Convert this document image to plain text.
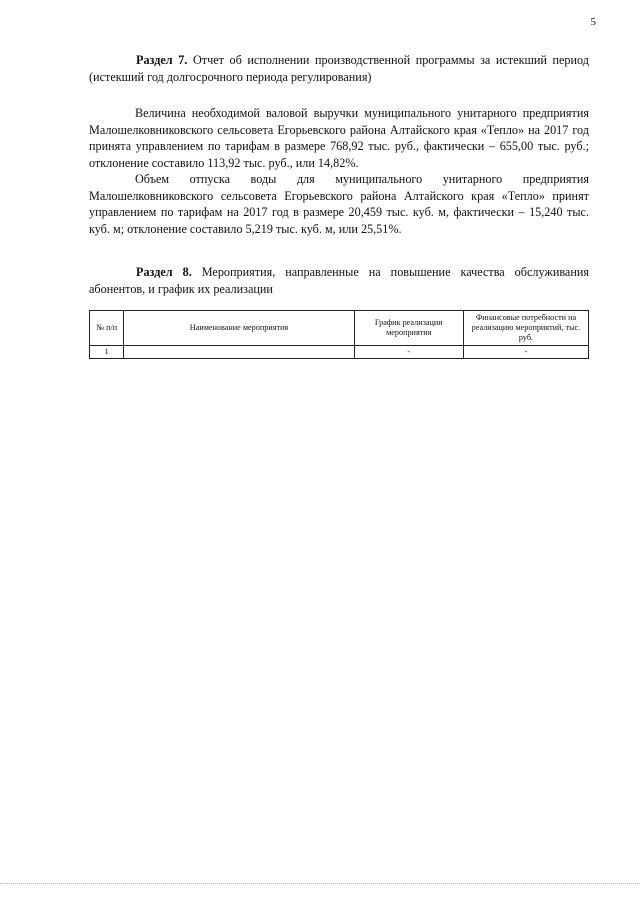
5

Раздел 7. Отчет об исполнении производственной программы за истекший период (истекший год долгосрочного периода регулирования)

Величина необходимой валовой выручки муниципального унитарного предприятия Малошелковниковского сельсовета Егорьевского района Алтайского края «Тепло» на 2017 год принята управлением по тарифам в размере 768,92 тыс. руб., фактически – 655,00 тыс. руб.; отклонение составило 113,92 тыс. руб., или 14,82%.

Объем отпуска воды для муниципального унитарного предприятия Малошелковниковского сельсовета Егорьевского района Алтайского края «Тепло» принят управлением по тарифам на 2017 год в размере 20,459 тыс. куб. м, фактически – 15,240 тыс. куб. м; отклонение составило 5,219 тыс. куб. м, или 25,51%.

Раздел 8. Мероприятия, направленные на повышение качества обслуживания абонентов, и график их реализации

№ п/п	Наименование мероприятия	График реализации мероприятия	Финансовые потребности на реализацию мероприятий, тыс. руб.
1		-	-
